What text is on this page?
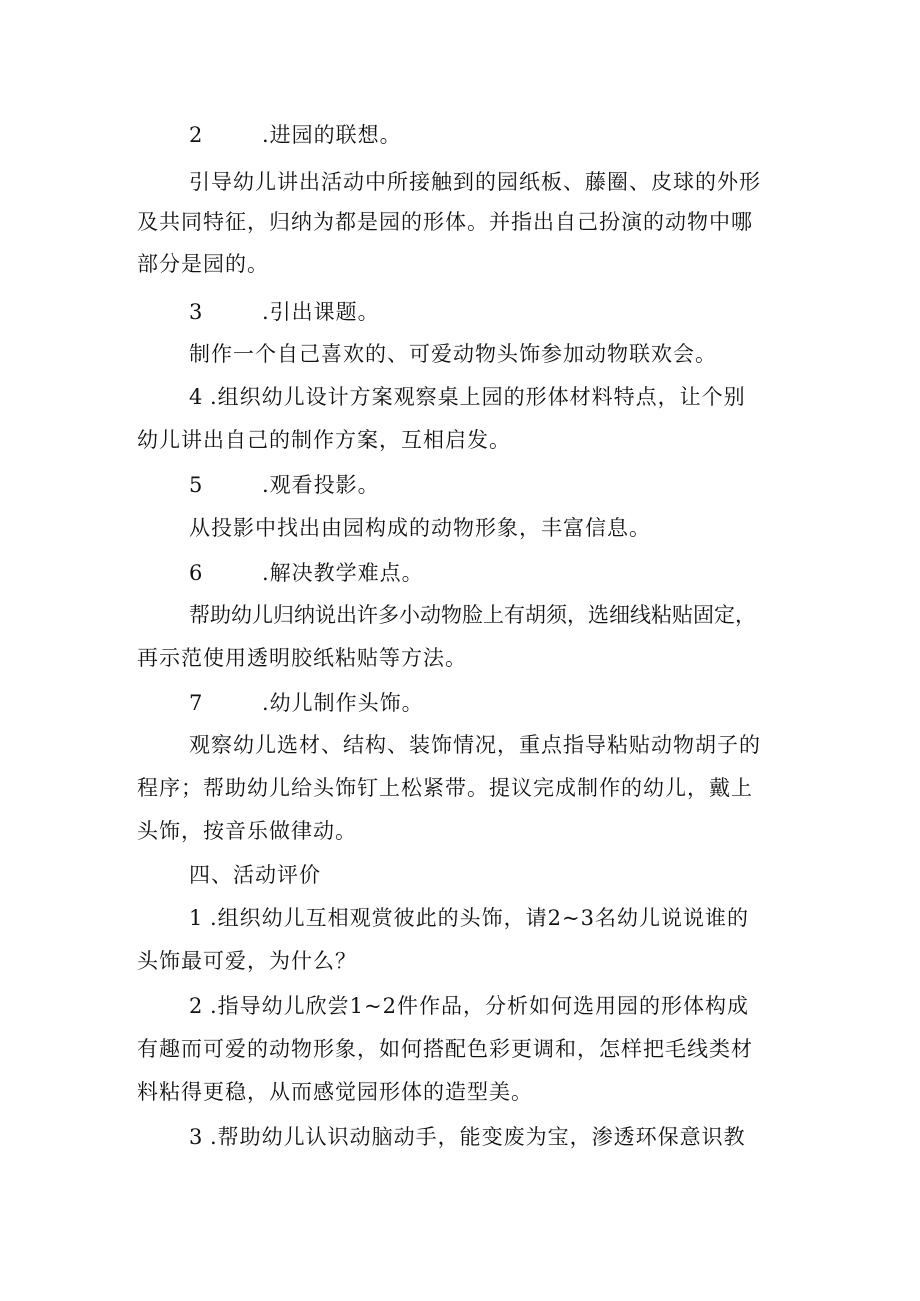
2	.进园的联想。
引导幼儿讲出活动中所接触到的园纸板、藤圈、皮球的外形
及共同特征，归纳为都是园的形体。并指出自己扮演的动物中哪
部分是园的。
3	.引出课题。
制作一个自己喜欢的、可爱动物头饰参加动物联欢会。
4 .组织幼儿设计方案观察桌上园的形体材料特点，让个别
幼儿讲出自己的制作方案，互相启发。
5	.观看投影。
从投影中找出由园构成的动物形象，丰富信息。
6	.解决教学难点。
帮助幼儿归纳说出许多小动物脸上有胡须，选细线粘贴固定，
再示范使用透明胶纸粘贴等方法。
7	.幼儿制作头饰。
观察幼儿选材、结构、装饰情况，重点指导粘贴动物胡子的
程序；帮助幼儿给头饰钉上松紧带。提议完成制作的幼儿，戴上
头饰，按音乐做律动。
四、活动评价
1 .组织幼儿互相观赏彼此的头饰，请2~3名幼儿说说谁的
头饰最可爱，为什么？
2 .指导幼儿欣尝1~2件作品，分析如何选用园的形体构成
有趣而可爱的动物形象，如何搭配色彩更调和，怎样把毛线类材
料粘得更稳，从而感觉园形体的造型美。
3 .帮助幼儿认识动脑动手，能变废为宝，渗透环保意识教
